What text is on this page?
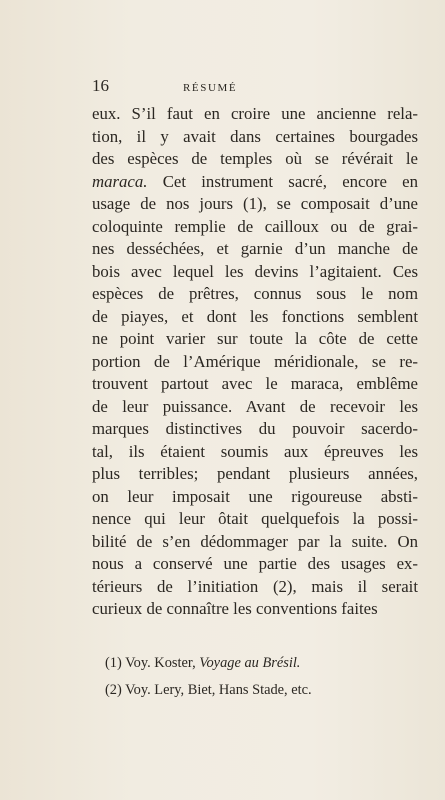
16	RÉSUMÉ
eux. S’il faut en croire une ancienne rela-
tion, il y avait dans certaines bourgades
des espèces de temples où se révérait le
maraca. Cet instrument sacré, encore en
usage de nos jours (1), se composait d’une
coloquinte remplie de cailloux ou de grai-
nes desséchées, et garnie d’un manche de
bois avec lequel les devins l’agitaient. Ces
espèces de prêtres, connus sous le nom
de piayes, et dont les fonctions semblent
ne point varier sur toute la côte de cette
portion de l’Amérique méridionale, se re-
trouvent partout avec le maraca, emblême
de leur puissance. Avant de recevoir les
marques distinctives du pouvoir sacerdo-
tal, ils étaient soumis aux épreuves les
plus terribles; pendant plusieurs années,
on leur imposait une rigoureuse absti-
nence qui leur ôtait quelquefois la possi-
bilité de s’en dédommager par la suite. On
nous a conservé une partie des usages ex-
térieurs de l’initiation (2), mais il serait
curieux de connaître les conventions faites
(1) Voy. Koster, Voyage au Brésil.
(2) Voy. Lery, Biet, Hans Stade, etc.
